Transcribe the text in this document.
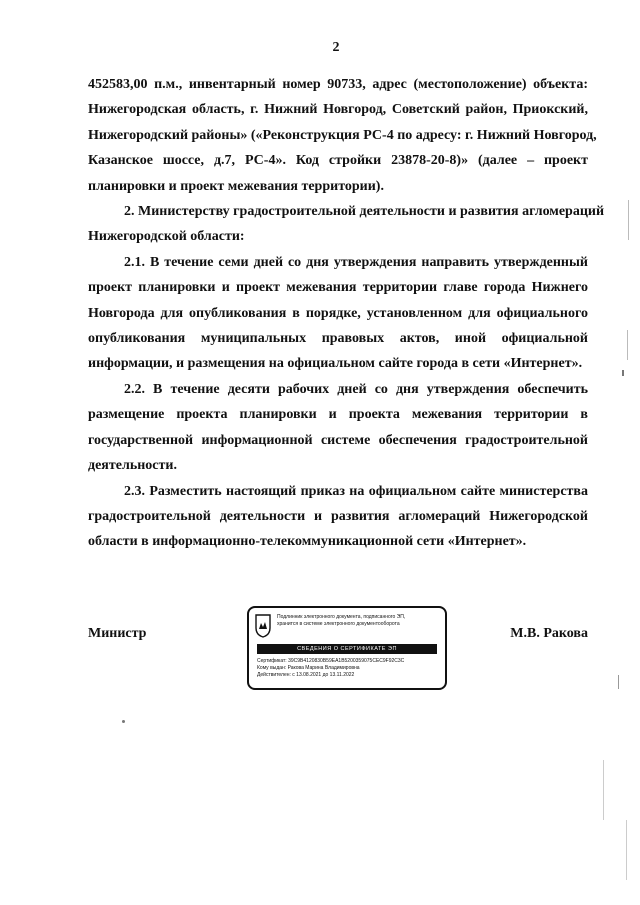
2
452583,00 п.м., инвентарный номер 90733, адрес (местоположение) объекта:
Нижегородская область, г. Нижний Новгород, Советский район, Приокский,
Нижегородский районы» («Реконструкция РС-4 по адресу: г. Нижний Новгород,
Казанское шоссе, д.7, РС-4». Код стройки 23878-20-8)» (далее – проект
планировки и проект межевания территории).
2. Министерству градостроительной деятельности и развития агломераций
Нижегородской области:
2.1. В течение семи дней со дня утверждения направить утвержденный
проект планировки и проект межевания территории главе города Нижнего
Новгорода для опубликования в порядке, установленном для официального
опубликования муниципальных правовых актов, иной официальной
информации, и размещения на официальном сайте города в сети «Интернет».
2.2. В течение десяти рабочих дней со дня утверждения обеспечить
размещение проекта планировки и проекта межевания территории в
государственной информационной системе обеспечения градостроительной
деятельности.
2.3. Разместить настоящий приказ на официальном сайте министерства
градостроительной деятельности и развития агломераций Нижегородской
области в информационно-телекоммуникационной сети «Интернет».
Министр	М.В. Ракова
Подлинник электронного документа, подписанного ЭП,
хранится в системе электронного документооборота
СВЕДЕНИЯ О СЕРТИФИКАТЕ ЭП
Сертификат: 39C9B4120830B59EA1B5200359075CEC9F92C3C
Кому выдан: Ракова Марина Владимировна
Действителен: с 13.08.2021 до 13.11.2022
